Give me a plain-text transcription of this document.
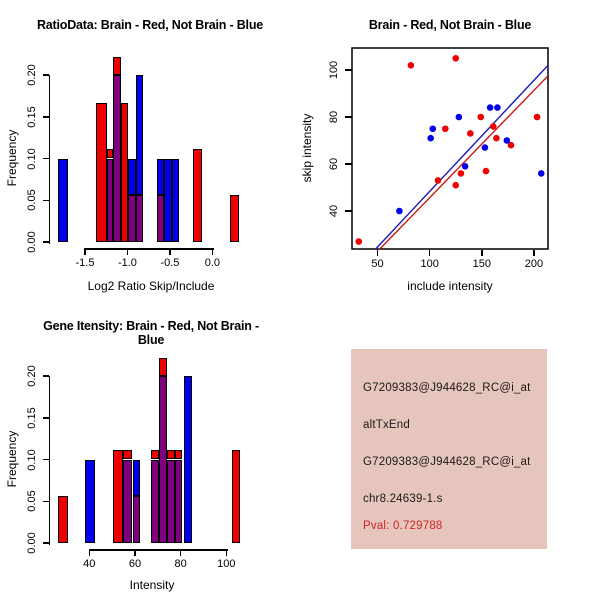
RatioData: Brain - Red, Not Brain - Blue	Brain - Red, Not Brain - Blue
Gene Itensity: Brain - Red, Not Brain - Blue
Log2 Ratio Skip/Include
Frequency
include intensity
skip intensity
Intensity
Frequency
0.00
0.05
0.10
0.15
0.20
-1.5 -1.0 -0.5 0.0	50	100	150	200
40
60
80
100
0.00
0.05
0.10
0.15
0.20
40	60	80	100
G7209383@J944628_RC@i_at
altTxEnd
G7209383@J944628_RC@i_at
chr8.24639-1.s
Pval: 0.729788
